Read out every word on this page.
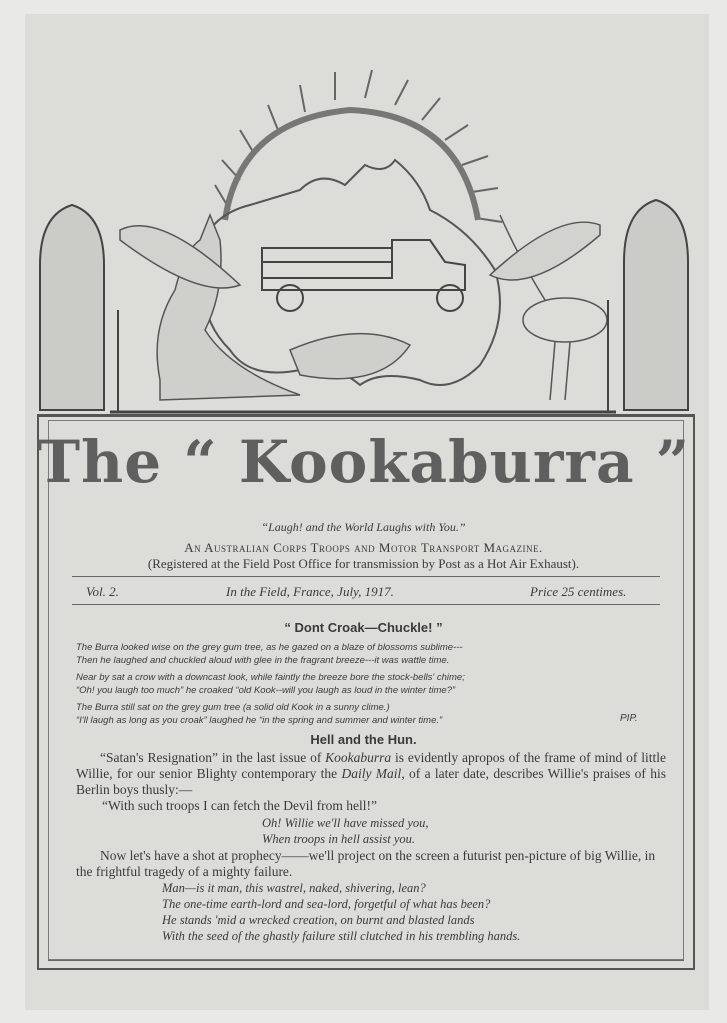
The “ Kookaburra ”
“Laugh! and the World Laughs with You.”
An Australian Corps Troops and Motor Transport Magazine.
(Registered at the Field Post Office for transmission by Post as a Hot Air Exhaust).
Vol. 2.	In the Field, France, July, 1917.	Price 25 centimes.
“ Dont Croak—Chuckle! ”
The Burra looked wise on the grey gum tree, as he gazed on a blaze of blossoms sublime---
Then he laughed and chuckled aloud with glee in the fragrant breeze---it was wattle time.
Near by sat a crow with a downcast look, while faintly the breeze bore the stock-bells' chime;
“Oh! you laugh too much” he croaked “old Kook--will you laugh as loud in the winter time?”
The Burra still sat on the grey gum tree (a solid old Kook in a sunny clime.)
“I'll laugh as long as you croak” laughed he “in the spring and summer and winter time.”	PIP.
Hell and the Hun.
“Satan's Resignation” in the last issue of Kookaburra is evidently apropos of the frame of mind of little Willie, for our senior Blighty contemporary the Daily Mail, of a later date, describes Willie's praises of his Berlin boys thusly:—
“With such troops I can fetch the Devil from hell!”
Oh! Willie we'll have missed you,
When troops in hell assist you.
Now let's have a shot at prophecy——we'll project on the screen a futurist pen-picture of big Willie, in the frightful tragedy of a mighty failure.
Man—is it man, this wastrel, naked, shivering, lean?
The one-time earth-lord and sea-lord, forgetful of what has been?
He stands 'mid a wrecked creation, on burnt and blasted lands
With the seed of the ghastly failure still clutched in his trembling hands.
